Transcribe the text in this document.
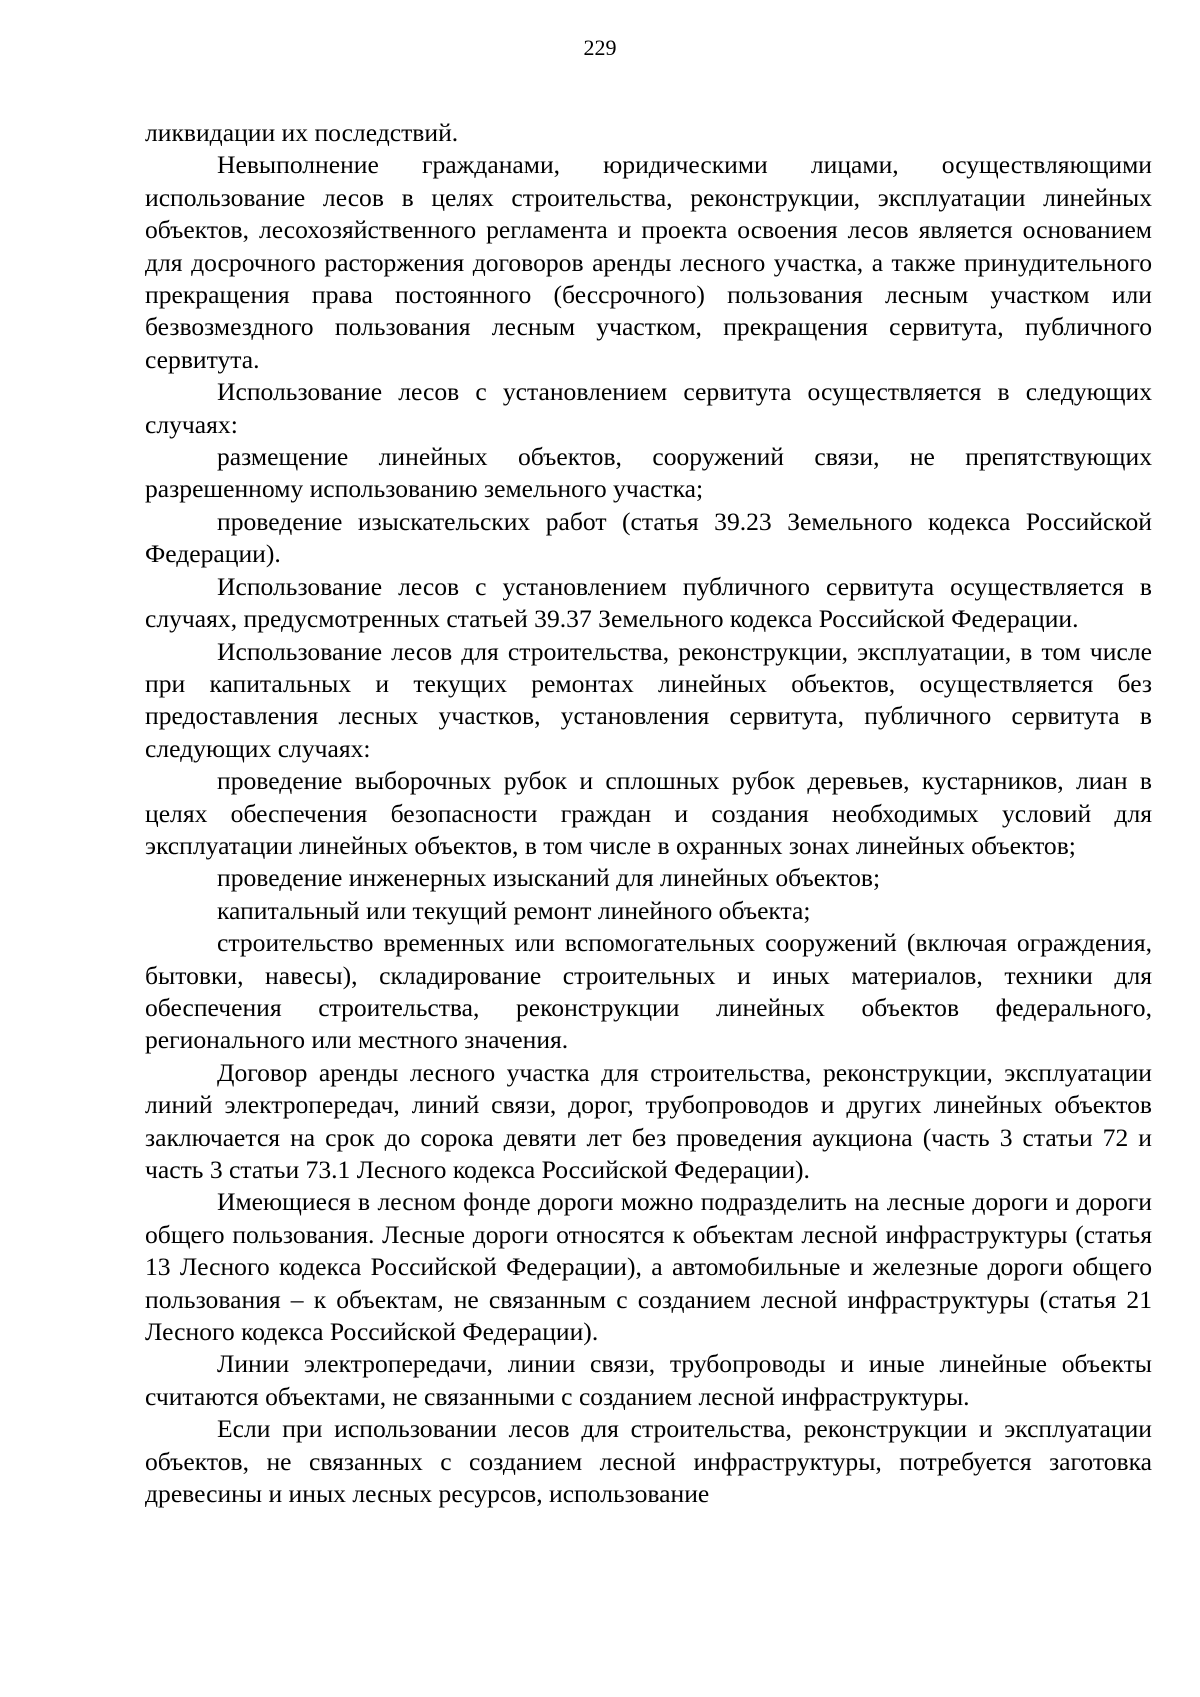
229

ликвидации их последствий.

Невыполнение гражданами, юридическими лицами, осуществляющими использование лесов в целях строительства, реконструкции, эксплуатации линейных объектов, лесохозяйственного регламента и проекта освоения лесов является основанием для досрочного расторжения договоров аренды лесного участка, а также принудительного прекращения права постоянного (бессрочного) пользования лесным участком или безвозмездного пользования лесным участком, прекращения сервитута, публичного сервитута.

Использование лесов с установлением сервитута осуществляется в следующих случаях:

размещение линейных объектов, сооружений связи, не препятствующих разрешенному использованию земельного участка;

проведение изыскательских работ (статья 39.23 Земельного кодекса Российской Федерации).

Использование лесов с установлением публичного сервитута осуществляется в случаях, предусмотренных статьей 39.37 Земельного кодекса Российской Федерации.

Использование лесов для строительства, реконструкции, эксплуатации, в том числе при капитальных и текущих ремонтах линейных объектов, осуществляется без предоставления лесных участков, установления сервитута, публичного сервитута в следующих случаях:

проведение выборочных рубок и сплошных рубок деревьев, кустарников, лиан в целях обеспечения безопасности граждан и создания необходимых условий для эксплуатации линейных объектов, в том числе в охранных зонах линейных объектов;

проведение инженерных изысканий для линейных объектов;

капитальный или текущий ремонт линейного объекта;

строительство временных или вспомогательных сооружений (включая ограждения, бытовки, навесы), складирование строительных и иных материалов, техники для обеспечения строительства, реконструкции линейных объектов федерального, регионального или местного значения.

Договор аренды лесного участка для строительства, реконструкции, эксплуатации линий электропередач, линий связи, дорог, трубопроводов и других линейных объектов заключается на срок до сорока девяти лет без проведения аукциона (часть 3 статьи 72 и часть 3 статьи 73.1 Лесного кодекса Российской Федерации).

Имеющиеся в лесном фонде дороги можно подразделить на лесные дороги и дороги общего пользования. Лесные дороги относятся к объектам лесной инфраструктуры (статья 13 Лесного кодекса Российской Федерации), а автомобильные и железные дороги общего пользования – к объектам, не связанным с созданием лесной инфраструктуры (статья 21 Лесного кодекса Российской Федерации).

Линии электропередачи, линии связи, трубопроводы и иные линейные объекты считаются объектами, не связанными с созданием лесной инфраструктуры.

Если при использовании лесов для строительства, реконструкции и эксплуатации объектов, не связанных с созданием лесной инфраструктуры, потребуется заготовка древесины и иных лесных ресурсов, использование
